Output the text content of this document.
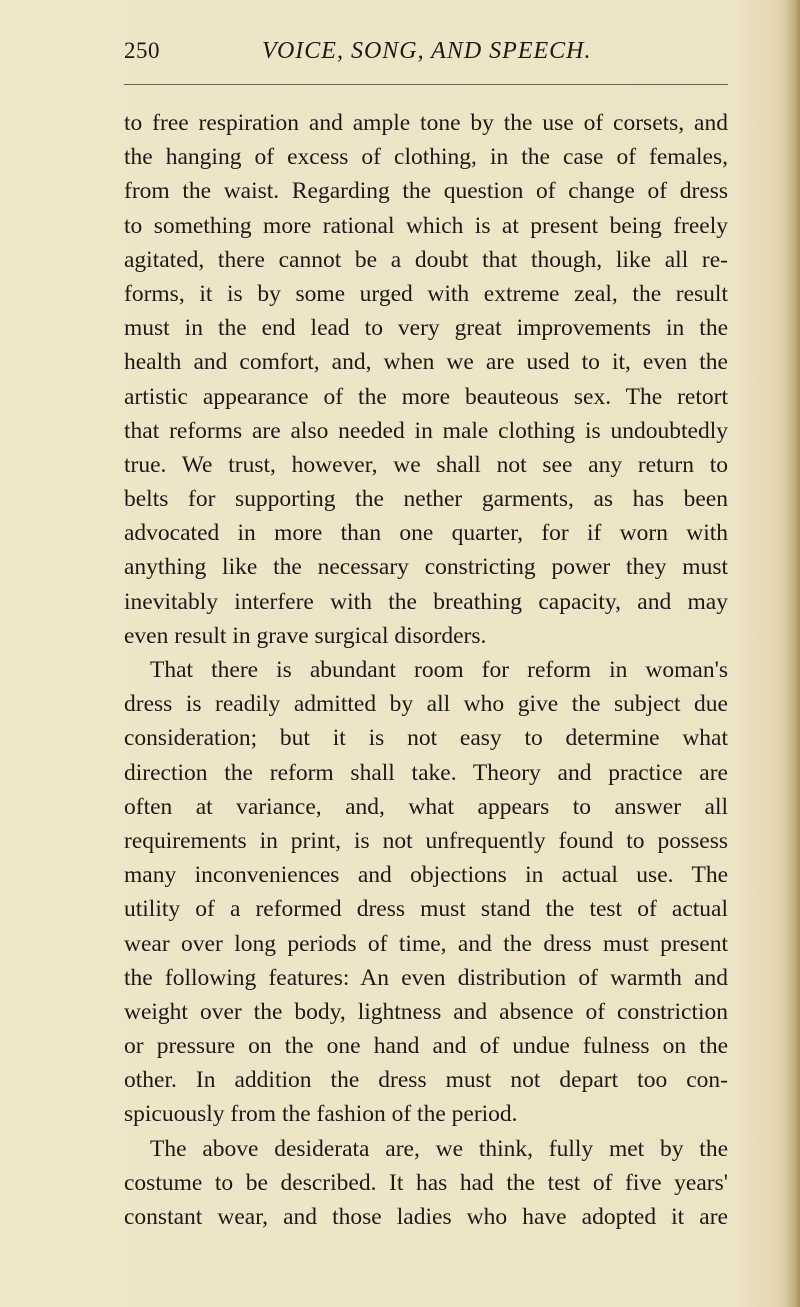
250	VOICE, SONG, AND SPEECH.
to free respiration and ample tone by the use of corsets, and
the hanging of excess of clothing, in the case of females,
from the waist. Regarding the question of change of dress
to something more rational which is at present being freely
agitated, there cannot be a doubt that though, like all re-
forms, it is by some urged with extreme zeal, the result
must in the end lead to very great improvements in the
health and comfort, and, when we are used to it, even the
artistic appearance of the more beauteous sex. The retort
that reforms are also needed in male clothing is undoubtedly
true. We trust, however, we shall not see any return to
belts for supporting the nether garments, as has been
advocated in more than one quarter, for if worn with
anything like the necessary constricting power they must
inevitably interfere with the breathing capacity, and may
even result in grave surgical disorders.
That there is abundant room for reform in woman's
dress is readily admitted by all who give the subject due
consideration; but it is not easy to determine what
direction the reform shall take. Theory and practice are
often at variance, and, what appears to answer all
requirements in print, is not unfrequently found to possess
many inconveniences and objections in actual use. The
utility of a reformed dress must stand the test of actual
wear over long periods of time, and the dress must present
the following features: An even distribution of warmth and
weight over the body, lightness and absence of constriction
or pressure on the one hand and of undue fulness on the
other. In addition the dress must not depart too con-
spicuously from the fashion of the period.
The above desiderata are, we think, fully met by the
costume to be described. It has had the test of five years'
constant wear, and those ladies who have adopted it are
